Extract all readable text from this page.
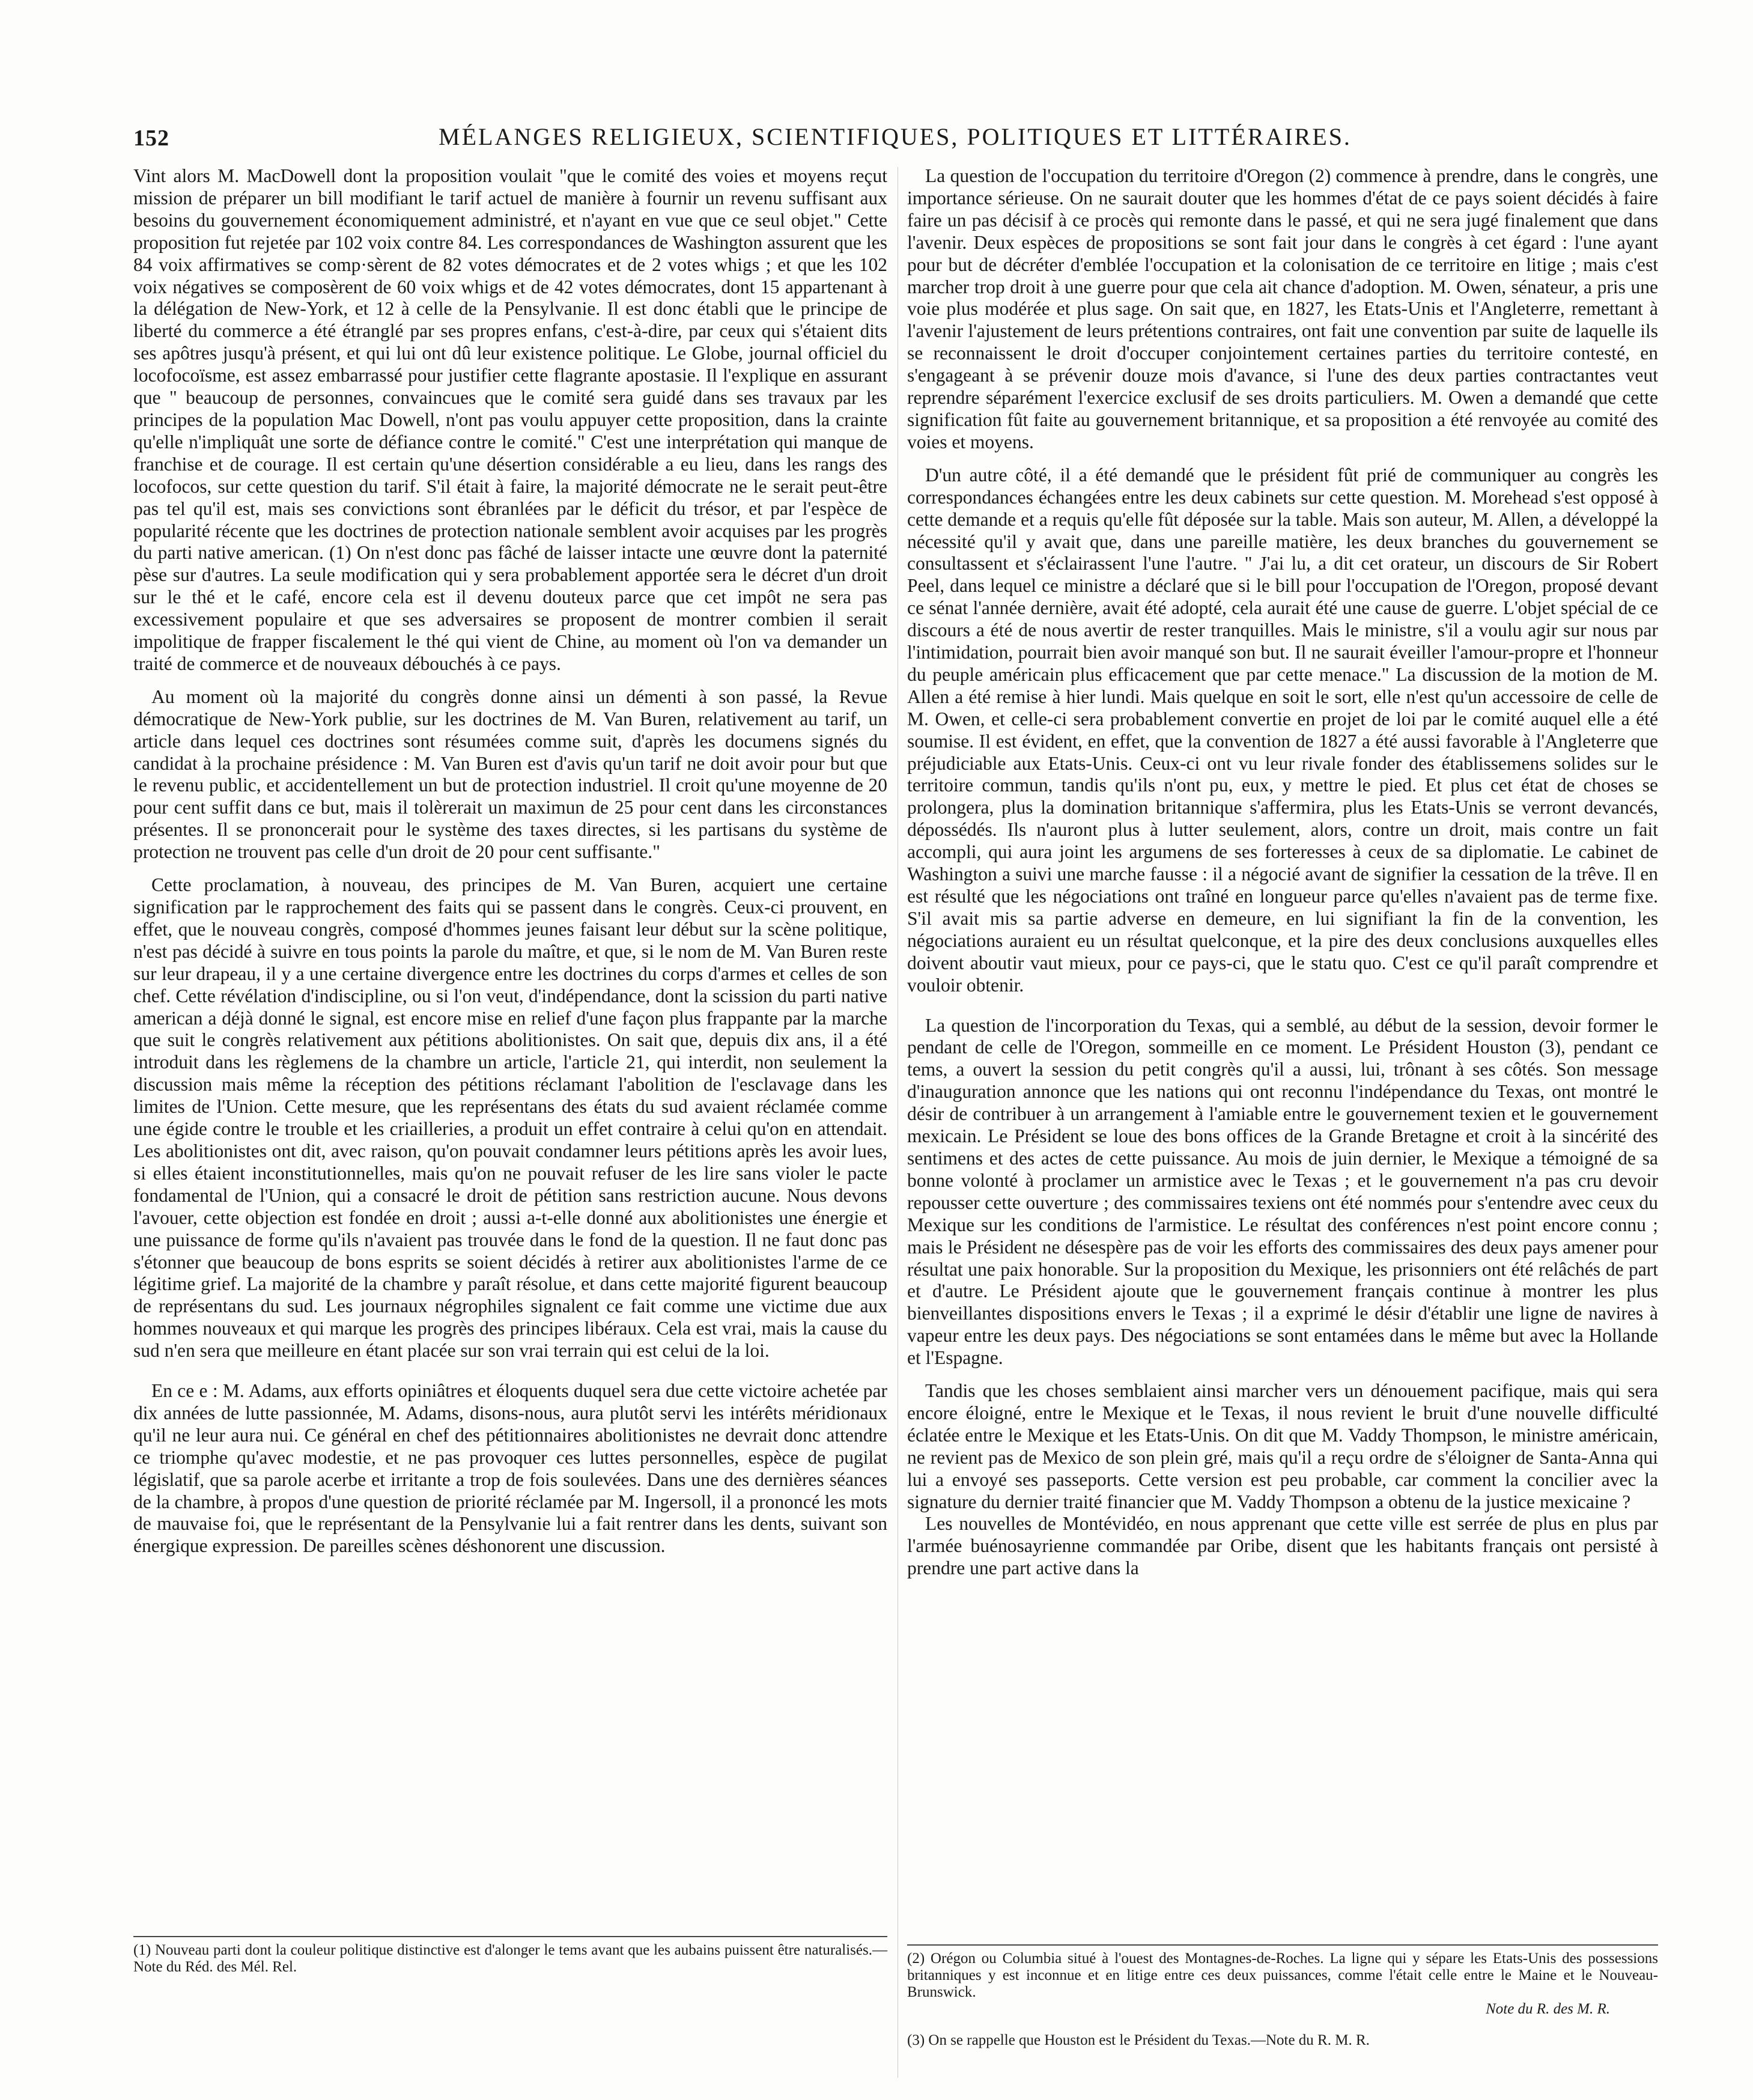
152	MÉLANGES RELIGIEUX, SCIENTIFIQUES, POLITIQUES ET LITTÉRAIRES.

Vint alors M. MacDowell dont la proposition voulait "que le comité des voies et moyens reçut mission de préparer un bill modifiant le tarif actuel de manière à fournir un revenu suffisant aux besoins du gouvernement économiquement administré, et n'ayant en vue que ce seul objet." Cette proposition fut rejetée par 102 voix contre 84. Les correspondances de Washington assurent que les 84 voix affirmatives se comp·sèrent de 82 votes démocrates et de 2 votes whigs ; et que les 102 voix négatives se composèrent de 60 voix whigs et de 42 votes démocrates, dont 15 appartenant à la délégation de New-York, et 12 à celle de la Pensylvanie. Il est donc établi que le principe de liberté du commerce a été étranglé par ses propres enfans, c'est-à-dire, par ceux qui s'étaient dits ses apôtres jusqu'à présent, et qui lui ont dû leur existence politique. Le Globe, journal officiel du locofocoïsme, est assez embarrassé pour justifier cette flagrante apostasie. Il l'explique en assurant que " beaucoup de personnes, convaincues que le comité sera guidé dans ses travaux par les principes de la population Mac Dowell, n'ont pas voulu appuyer cette proposition, dans la crainte qu'elle n'impliquât une sorte de défiance contre le comité." C'est une interprétation qui manque de franchise et de courage. Il est certain qu'une désertion considérable a eu lieu, dans les rangs des locofocos, sur cette question du tarif. S'il était à faire, la majorité démocrate ne le serait peut-être pas tel qu'il est, mais ses convictions sont ébranlées par le déficit du trésor, et par l'espèce de popularité récente que les doctrines de protection nationale semblent avoir acquises par les progrès du parti native american. (1) On n'est donc pas fâché de laisser intacte une œuvre dont la paternité pèse sur d'autres. La seule modification qui y sera probablement apportée sera le décret d'un droit sur le thé et le café, encore cela est il devenu douteux parce que cet impôt ne sera pas excessivement populaire et que ses adversaires se proposent de montrer combien il serait impolitique de frapper fiscalement le thé qui vient de Chine, au moment où l'on va demander un traité de commerce et de nouveaux débouchés à ce pays.

Au moment où la majorité du congrès donne ainsi un démenti à son passé, la Revue démocratique de New-York publie, sur les doctrines de M. Van Buren, relativement au tarif, un article dans lequel ces doctrines sont résumées comme suit, d'après les documens signés du candidat à la prochaine présidence : M. Van Buren est d'avis qu'un tarif ne doit avoir pour but que le revenu public, et accidentellement un but de protection industriel. Il croit qu'une moyenne de 20 pour cent suffit dans ce but, mais il tolèrerait un maximun de 25 pour cent dans les circonstances présentes. Il se prononcerait pour le système des taxes directes, si les partisans du système de protection ne trouvent pas celle d'un droit de 20 pour cent suffisante."

Cette proclamation, à nouveau, des principes de M. Van Buren, acquiert une certaine signification par le rapprochement des faits qui se passent dans le congrès. Ceux-ci prouvent, en effet, que le nouveau congrès, composé d'hommes jeunes faisant leur début sur la scène politique, n'est pas décidé à suivre en tous points la parole du maître, et que, si le nom de M. Van Buren reste sur leur drapeau, il y a une certaine divergence entre les doctrines du corps d'armes et celles de son chef. Cette révélation d'indiscipline, ou si l'on veut, d'indépendance, dont la scission du parti native american a déjà donné le signal, est encore mise en relief d'une façon plus frappante par la marche que suit le congrès relativement aux pétitions abolitionistes. On sait que, depuis dix ans, il a été introduit dans les règlemens de la chambre un article, l'article 21, qui interdit, non seulement la discussion mais même la réception des pétitions réclamant l'abolition de l'esclavage dans les limites de l'Union. Cette mesure, que les représentans des états du sud avaient réclamée comme une égide contre le trouble et les criailleries, a produit un effet contraire à celui qu'on en attendait. Les abolitionistes ont dit, avec raison, qu'on pouvait condamner leurs pétitions après les avoir lues, si elles étaient inconstitutionnelles, mais qu'on ne pouvait refuser de les lire sans violer le pacte fondamental de l'Union, qui a consacré le droit de pétition sans restriction aucune. Nous devons l'avouer, cette objection est fondée en droit ; aussi a-t-elle donné aux abolitionistes une énergie et une puissance de forme qu'ils n'avaient pas trouvée dans le fond de la question. Il ne faut donc pas s'étonner que beaucoup de bons esprits se soient décidés à retirer aux abolitionistes l'arme de ce légitime grief. La majorité de la chambre y paraît résolue, et dans cette majorité figurent beaucoup de représentans du sud. Les journaux négrophiles signalent ce fait comme une victime due aux hommes nouveaux et qui marque les progrès des principes libéraux. Cela est vrai, mais la cause du sud n'en sera que meilleure en étant placée sur son vrai terrain qui est celui de la loi.

En ce e : M. Adams, aux efforts opiniâtres et éloquents duquel sera due cette victoire achetée par dix années de lutte passionnée, M. Adams, disons-nous, aura plutôt servi les intérêts méridionaux qu'il ne leur aura nui. Ce général en chef des pétitionnaires abolitionistes ne devrait donc attendre ce triomphe qu'avec modestie, et ne pas provoquer ces luttes personnelles, espèce de pugilat législatif, que sa parole acerbe et irritante a trop de fois soulevées. Dans une des dernières séances de la chambre, à propos d'une question de priorité réclamée par M. Ingersoll, il a prononcé les mots de mauvaise foi, que le représentant de la Pensylvanie lui a fait rentrer dans les dents, suivant son énergique expression. De pareilles scènes déshonorent une discussion.

La question de l'occupation du territoire d'Oregon (2) commence à prendre, dans le congrès, une importance sérieuse. On ne saurait douter que les hommes d'état de ce pays soient décidés à faire faire un pas décisif à ce procès qui remonte dans le passé, et qui ne sera jugé finalement que dans l'avenir. Deux espèces de propositions se sont fait jour dans le congrès à cet égard : l'une ayant pour but de décréter d'emblée l'occupation et la colonisation de ce territoire en litige ; mais c'est marcher trop droit à une guerre pour que cela ait chance d'adoption. M. Owen, sénateur, a pris une voie plus modérée et plus sage. On sait que, en 1827, les Etats-Unis et l'Angleterre, remettant à l'avenir l'ajustement de leurs prétentions contraires, ont fait une convention par suite de laquelle ils se reconnaissent le droit d'occuper conjointement certaines parties du territoire contesté, en s'engageant à se prévenir douze mois d'avance, si l'une des deux parties contractantes veut reprendre séparément l'exercice exclusif de ses droits particuliers. M. Owen a demandé que cette signification fût faite au gouvernement britannique, et sa proposition a été renvoyée au comité des voies et moyens.

D'un autre côté, il a été demandé que le président fût prié de communiquer au congrès les correspondances échangées entre les deux cabinets sur cette question. M. Morehead s'est opposé à cette demande et a requis qu'elle fût déposée sur la table. Mais son auteur, M. Allen, a développé la nécessité qu'il y avait que, dans une pareille matière, les deux branches du gouvernement se consultassent et s'éclairassent l'une l'autre. " J'ai lu, a dit cet orateur, un discours de Sir Robert Peel, dans lequel ce ministre a déclaré que si le bill pour l'occupation de l'Oregon, proposé devant ce sénat l'année dernière, avait été adopté, cela aurait été une cause de guerre. L'objet spécial de ce discours a été de nous avertir de rester tranquilles. Mais le ministre, s'il a voulu agir sur nous par l'intimidation, pourrait bien avoir manqué son but. Il ne saurait éveiller l'amour-propre et l'honneur du peuple américain plus efficacement que par cette menace." La discussion de la motion de M. Allen a été remise à hier lundi. Mais quelque en soit le sort, elle n'est qu'un accessoire de celle de M. Owen, et celle-ci sera probablement convertie en projet de loi par le comité auquel elle a été soumise. Il est évident, en effet, que la convention de 1827 a été aussi favorable à l'Angleterre que préjudiciable aux Etats-Unis. Ceux-ci ont vu leur rivale fonder des établissemens solides sur le territoire commun, tandis qu'ils n'ont pu, eux, y mettre le pied. Et plus cet état de choses se prolongera, plus la domination britannique s'affermira, plus les Etats-Unis se verront devancés, dépossédés. Ils n'auront plus à lutter seulement, alors, contre un droit, mais contre un fait accompli, qui aura joint les argumens de ses forteresses à ceux de sa diplomatie. Le cabinet de Washington a suivi une marche fausse : il a négocié avant de signifier la cessation de la trêve. Il en est résulté que les négociations ont traîné en longueur parce qu'elles n'avaient pas de terme fixe. S'il avait mis sa partie adverse en demeure, en lui signifiant la fin de la convention, les négociations auraient eu un résultat quelconque, et la pire des deux conclusions auxquelles elles doivent aboutir vaut mieux, pour ce pays-ci, que le statu quo. C'est ce qu'il paraît comprendre et vouloir obtenir.

La question de l'incorporation du Texas, qui a semblé, au début de la session, devoir former le pendant de celle de l'Oregon, sommeille en ce moment. Le Président Houston (3), pendant ce tems, a ouvert la session du petit congrès qu'il a aussi, lui, trônant à ses côtés. Son message d'inauguration annonce que les nations qui ont reconnu l'indépendance du Texas, ont montré le désir de contribuer à un arrangement à l'amiable entre le gouvernement texien et le gouvernement mexicain. Le Président se loue des bons offices de la Grande Bretagne et croit à la sincérité des sentimens et des actes de cette puissance. Au mois de juin dernier, le Mexique a témoigné de sa bonne volonté à proclamer un armistice avec le Texas ; et le gouvernement n'a pas cru devoir repousser cette ouverture ; des commissaires texiens ont été nommés pour s'entendre avec ceux du Mexique sur les conditions de l'armistice. Le résultat des conférences n'est point encore connu ; mais le Président ne désespère pas de voir les efforts des commissaires des deux pays amener pour résultat une paix honorable. Sur la proposition du Mexique, les prisonniers ont été relâchés de part et d'autre. Le Président ajoute que le gouvernement français continue à montrer les plus bienveillantes dispositions envers le Texas ; il a exprimé le désir d'établir une ligne de navires à vapeur entre les deux pays. Des négociations se sont entamées dans le même but avec la Hollande et l'Espagne.

Tandis que les choses semblaient ainsi marcher vers un dénouement pacifique, mais qui sera encore éloigné, entre le Mexique et le Texas, il nous revient le bruit d'une nouvelle difficulté éclatée entre le Mexique et les Etats-Unis. On dit que M. Vaddy Thompson, le ministre américain, ne revient pas de Mexico de son plein gré, mais qu'il a reçu ordre de s'éloigner de Santa-Anna qui lui a envoyé ses passeports. Cette version est peu probable, car comment la concilier avec la signature du dernier traité financier que M. Vaddy Thompson a obtenu de la justice mexicaine ?

Les nouvelles de Montévidéo, en nous apprenant que cette ville est serrée de plus en plus par l'armée buénosayrienne commandée par Oribe, disent que les habitants français ont persisté à prendre une part active dans la

(1) Nouveau parti dont la couleur politique distinctive est d'alonger le tems avant que les aubains puissent être naturalisés.—Note du Réd. des Mél. Rel.

(2) Orégon ou Columbia situé à l'ouest des Montagnes-de-Roches. La ligne qui y sépare les Etats-Unis des possessions britanniques y est inconnue et en litige entre ces deux puissances, comme l'était celle entre le Maine et le Nouveau-Brunswick.

Note du R. des M. R.

(3) On se rappelle que Houston est le Président du Texas.—Note du R. M. R.
